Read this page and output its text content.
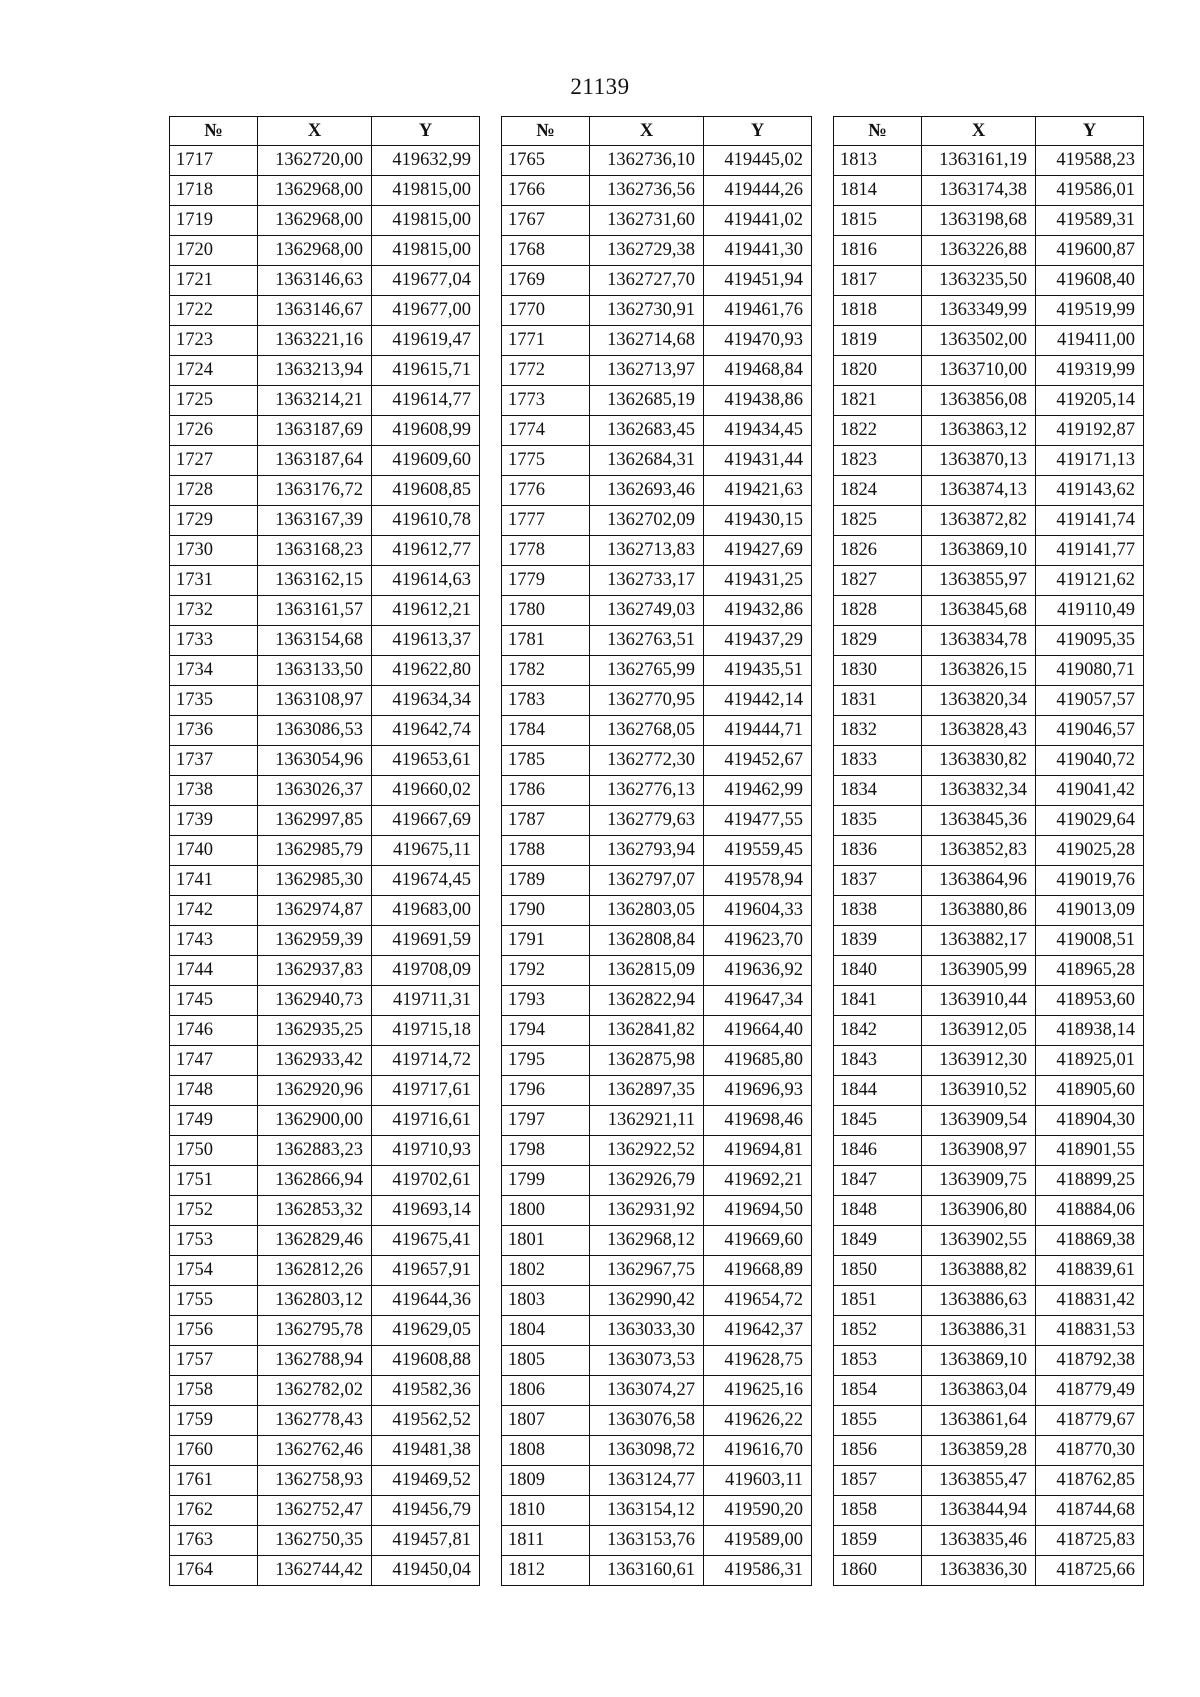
21139
№	X	Y
1717	1362720,00	419632,99
1718	1362968,00	419815,00
1719	1362968,00	419815,00
1720	1362968,00	419815,00
1721	1363146,63	419677,04
1722	1363146,67	419677,00
1723	1363221,16	419619,47
1724	1363213,94	419615,71
1725	1363214,21	419614,77
1726	1363187,69	419608,99
1727	1363187,64	419609,60
1728	1363176,72	419608,85
1729	1363167,39	419610,78
1730	1363168,23	419612,77
1731	1363162,15	419614,63
1732	1363161,57	419612,21
1733	1363154,68	419613,37
1734	1363133,50	419622,80
1735	1363108,97	419634,34
1736	1363086,53	419642,74
1737	1363054,96	419653,61
1738	1363026,37	419660,02
1739	1362997,85	419667,69
1740	1362985,79	419675,11
1741	1362985,30	419674,45
1742	1362974,87	419683,00
1743	1362959,39	419691,59
1744	1362937,83	419708,09
1745	1362940,73	419711,31
1746	1362935,25	419715,18
1747	1362933,42	419714,72
1748	1362920,96	419717,61
1749	1362900,00	419716,61
1750	1362883,23	419710,93
1751	1362866,94	419702,61
1752	1362853,32	419693,14
1753	1362829,46	419675,41
1754	1362812,26	419657,91
1755	1362803,12	419644,36
1756	1362795,78	419629,05
1757	1362788,94	419608,88
1758	1362782,02	419582,36
1759	1362778,43	419562,52
1760	1362762,46	419481,38
1761	1362758,93	419469,52
1762	1362752,47	419456,79
1763	1362750,35	419457,81
1764	1362744,42	419450,04
№	X	Y
1765	1362736,10	419445,02
1766	1362736,56	419444,26
1767	1362731,60	419441,02
1768	1362729,38	419441,30
1769	1362727,70	419451,94
1770	1362730,91	419461,76
1771	1362714,68	419470,93
1772	1362713,97	419468,84
1773	1362685,19	419438,86
1774	1362683,45	419434,45
1775	1362684,31	419431,44
1776	1362693,46	419421,63
1777	1362702,09	419430,15
1778	1362713,83	419427,69
1779	1362733,17	419431,25
1780	1362749,03	419432,86
1781	1362763,51	419437,29
1782	1362765,99	419435,51
1783	1362770,95	419442,14
1784	1362768,05	419444,71
1785	1362772,30	419452,67
1786	1362776,13	419462,99
1787	1362779,63	419477,55
1788	1362793,94	419559,45
1789	1362797,07	419578,94
1790	1362803,05	419604,33
1791	1362808,84	419623,70
1792	1362815,09	419636,92
1793	1362822,94	419647,34
1794	1362841,82	419664,40
1795	1362875,98	419685,80
1796	1362897,35	419696,93
1797	1362921,11	419698,46
1798	1362922,52	419694,81
1799	1362926,79	419692,21
1800	1362931,92	419694,50
1801	1362968,12	419669,60
1802	1362967,75	419668,89
1803	1362990,42	419654,72
1804	1363033,30	419642,37
1805	1363073,53	419628,75
1806	1363074,27	419625,16
1807	1363076,58	419626,22
1808	1363098,72	419616,70
1809	1363124,77	419603,11
1810	1363154,12	419590,20
1811	1363153,76	419589,00
1812	1363160,61	419586,31
№	X	Y
1813	1363161,19	419588,23
1814	1363174,38	419586,01
1815	1363198,68	419589,31
1816	1363226,88	419600,87
1817	1363235,50	419608,40
1818	1363349,99	419519,99
1819	1363502,00	419411,00
1820	1363710,00	419319,99
1821	1363856,08	419205,14
1822	1363863,12	419192,87
1823	1363870,13	419171,13
1824	1363874,13	419143,62
1825	1363872,82	419141,74
1826	1363869,10	419141,77
1827	1363855,97	419121,62
1828	1363845,68	419110,49
1829	1363834,78	419095,35
1830	1363826,15	419080,71
1831	1363820,34	419057,57
1832	1363828,43	419046,57
1833	1363830,82	419040,72
1834	1363832,34	419041,42
1835	1363845,36	419029,64
1836	1363852,83	419025,28
1837	1363864,96	419019,76
1838	1363880,86	419013,09
1839	1363882,17	419008,51
1840	1363905,99	418965,28
1841	1363910,44	418953,60
1842	1363912,05	418938,14
1843	1363912,30	418925,01
1844	1363910,52	418905,60
1845	1363909,54	418904,30
1846	1363908,97	418901,55
1847	1363909,75	418899,25
1848	1363906,80	418884,06
1849	1363902,55	418869,38
1850	1363888,82	418839,61
1851	1363886,63	418831,42
1852	1363886,31	418831,53
1853	1363869,10	418792,38
1854	1363863,04	418779,49
1855	1363861,64	418779,67
1856	1363859,28	418770,30
1857	1363855,47	418762,85
1858	1363844,94	418744,68
1859	1363835,46	418725,83
1860	1363836,30	418725,66
